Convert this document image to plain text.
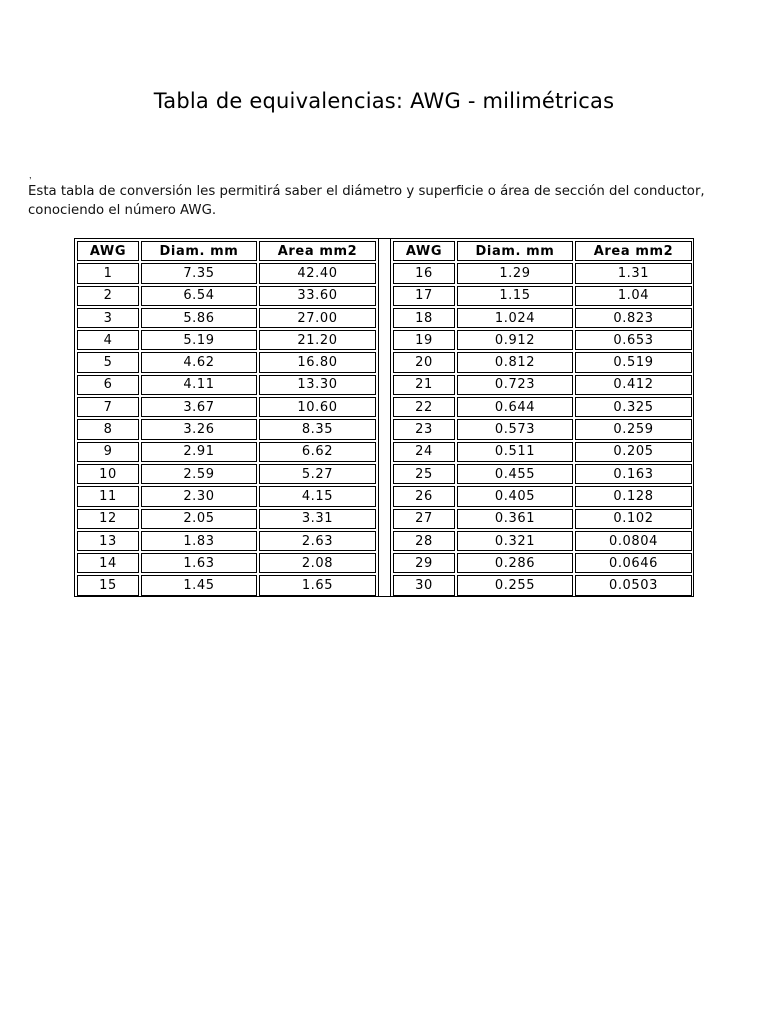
Tabla de equivalencias: AWG - milimétricas
,
Esta tabla de conversión les permitirá saber el diámetro y superficie o área de sección del conductor, conociendo el número AWG.
AWG	Diam. mm	Area mm2
1	7.35	42.40
2	6.54	33.60
3	5.86	27.00
4	5.19	21.20
5	4.62	16.80
6	4.11	13.30
7	3.67	10.60
8	3.26	8.35
9	2.91	6.62
10	2.59	5.27
11	2.30	4.15
12	2.05	3.31
13	1.83	2.63
14	1.63	2.08
15	1.45	1.65
AWG	Diam. mm	Area mm2
16	1.29	1.31
17	1.15	1.04
18	1.024	0.823
19	0.912	0.653
20	0.812	0.519
21	0.723	0.412
22	0.644	0.325
23	0.573	0.259
24	0.511	0.205
25	0.455	0.163
26	0.405	0.128
27	0.361	0.102
28	0.321	0.0804
29	0.286	0.0646
30	0.255	0.0503
